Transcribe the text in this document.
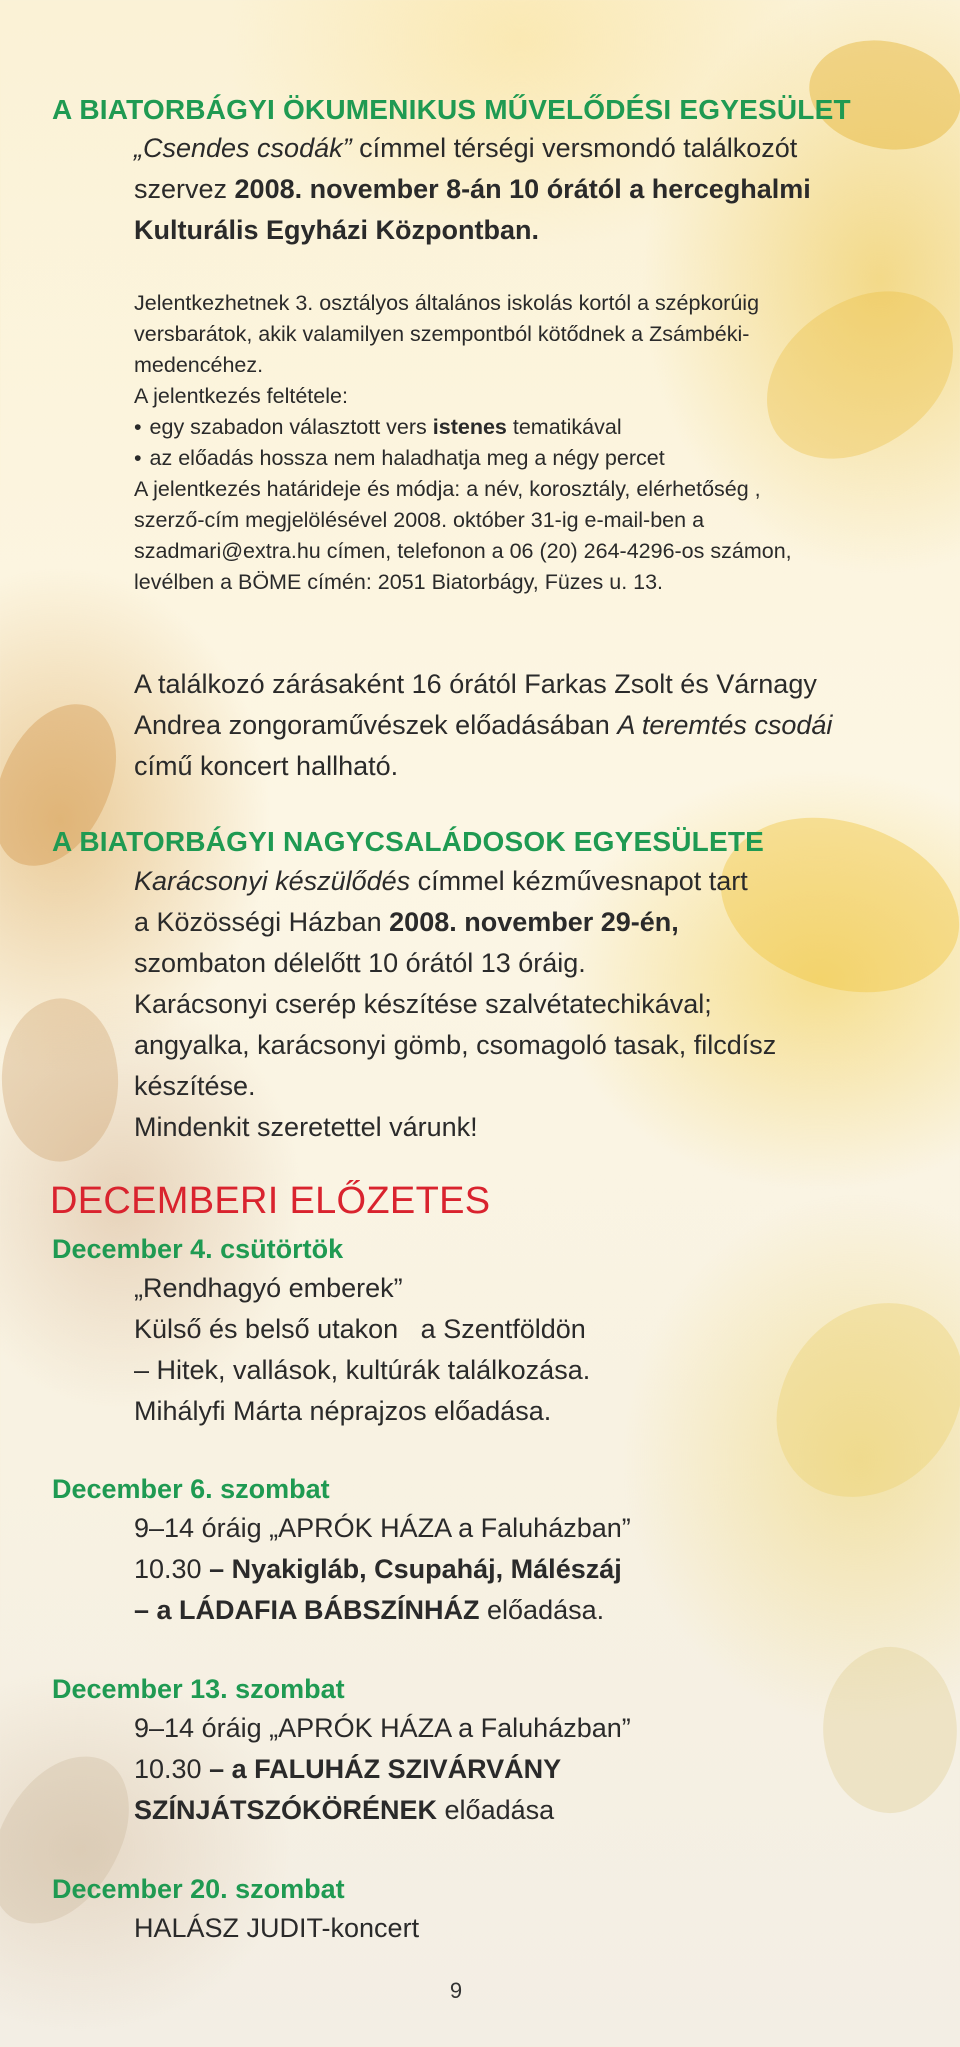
A BIATORBÁGYI ÖKUMENIKUS MŰVELŐDÉSI EGYESÜLET
„Csendes csodák” címmel térségi versmondó találkozót
szervez 2008. november 8-án 10 órától a herceghalmi
Kulturális Egyházi Központban.
Jelentkezhetnek 3. osztályos általános iskolás kortól a szépkorúig
versbarátok, akik valamilyen szempontból kötődnek a Zsámbéki-
medencéhez.
A jelentkezés feltétele:
• egy szabadon választott vers istenes tematikával
• az előadás hossza nem haladhatja meg a négy percet
A jelentkezés határideje és módja: a név, korosztály, elérhetőség ,
szerző-cím megjelölésével 2008. október 31-ig e-mail-ben a
szadmari@extra.hu címen, telefonon a 06 (20) 264-4296-os számon,
levélben a BÖME címén: 2051 Biatorbágy, Füzes u. 13.
A találkozó zárásaként 16 órától Farkas Zsolt és Várnagy
Andrea zongoraművészek előadásában A teremtés csodái
című koncert hallható.
A BIATORBÁGYI NAGYCSALÁDOSOK EGYESÜLETE
Karácsonyi készülődés címmel kézművesnapot tart
a Közösségi Házban 2008. november 29-én,
szombaton délelőtt 10 órától 13 óráig.
Karácsonyi cserép készítése szalvétatechikával;
angyalka, karácsonyi gömb, csomagoló tasak, filcdísz
készítése.
Mindenkit szeretettel várunk!
DECEMBERI ELŐZETES
December 4. csütörtök
„Rendhagyó emberek”
Külső és belső utakon   a Szentföldön
– Hitek, vallások, kultúrák találkozása.
Mihályfi Márta néprajzos előadása.
December 6. szombat
9–14 óráig „APRÓK HÁZA a Faluházban”
10.30 – Nyakigláb, Csupaháj, Málészáj
– a LÁDAFIA BÁBSZÍNHÁZ előadása.
December 13. szombat
9–14 óráig „APRÓK HÁZA a Faluházban”
10.30 – a FALUHÁZ SZIVÁRVÁNY
SZÍNJÁTSZÓKÖRÉNEK előadása
December 20. szombat
HALÁSZ JUDIT-koncert
9
